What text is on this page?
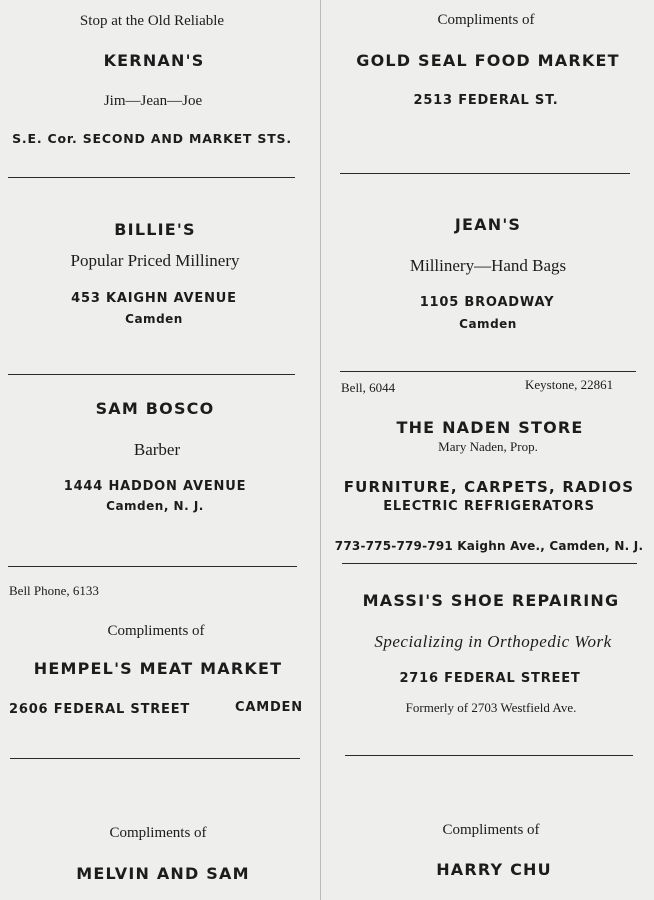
Stop at the Old Reliable
KERNAN'S
Jim—Jean—Joe
S.E. Cor. SECOND AND MARKET STS.
BILLIE'S
Popular Priced Millinery
453 KAIGHN AVENUE
Camden
SAM BOSCO
Barber
1444 HADDON AVENUE
Camden, N. J.
Bell Phone, 6133
Compliments of
HEMPEL'S MEAT MARKET
2606 FEDERAL STREET	CAMDEN
Compliments of
MELVIN AND SAM
Compliments of
GOLD SEAL FOOD MARKET
2513 FEDERAL ST.
JEAN'S
Millinery—Hand Bags
1105 BROADWAY
Camden
Bell, 6044	Keystone, 22861
THE NADEN STORE
Mary Naden, Prop.
FURNITURE, CARPETS, RADIOS
ELECTRIC REFRIGERATORS
773-775-779-791 Kaighn Ave., Camden, N. J.
MASSI'S SHOE REPAIRING
Specializing in Orthopedic Work
2716 FEDERAL STREET
Formerly of 2703 Westfield Ave.
Compliments of
HARRY CHU
